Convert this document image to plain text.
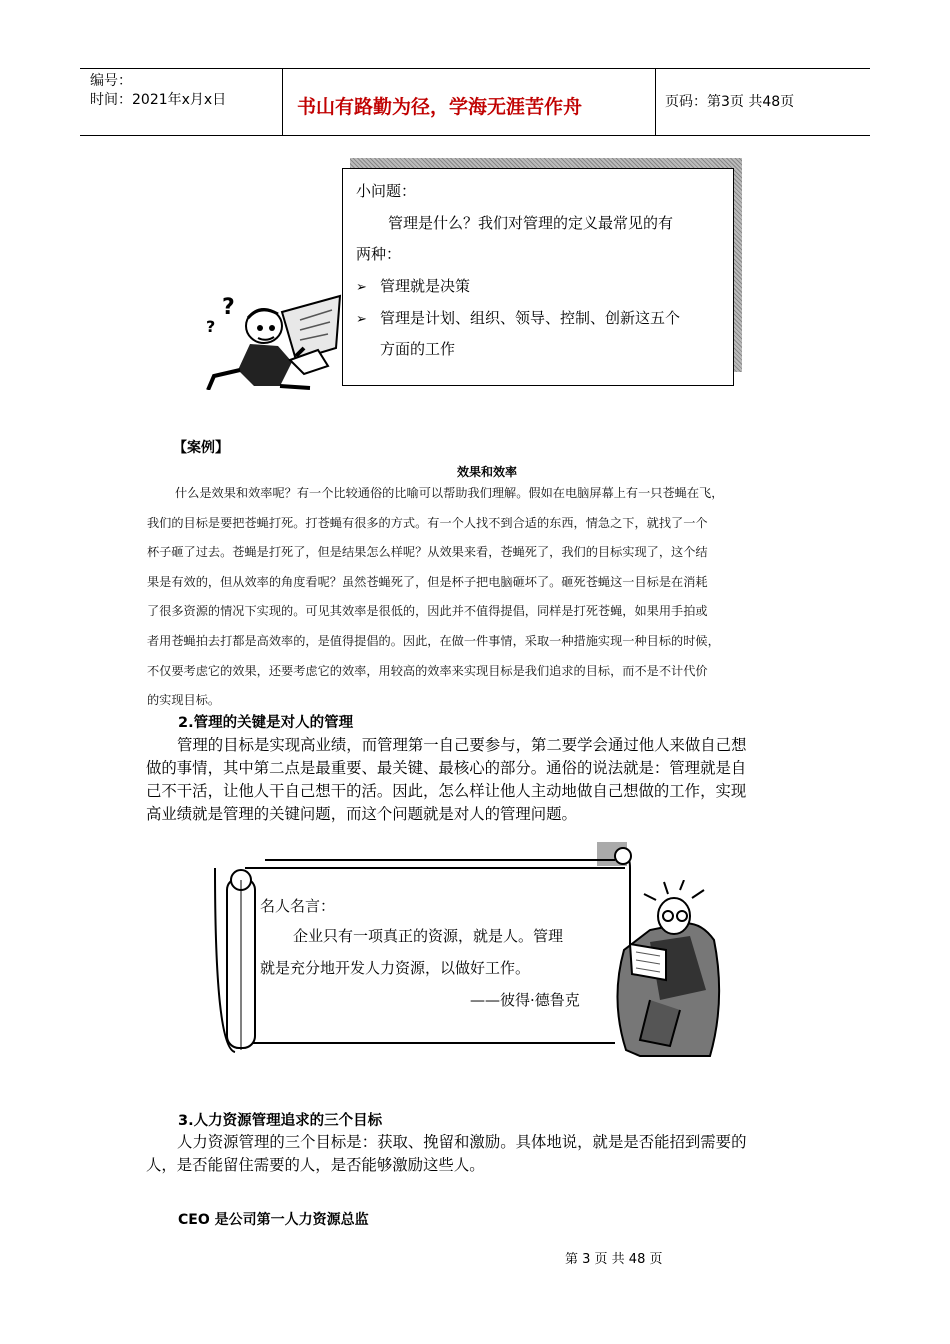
编号：
时间：2021年x月x日	书山有路勤为径，学海无涯苦作舟	页码：第3页 共48页
小问题：
管理是什么？我们对管理的定义最常见的有
两种：
➢ 管理就是决策
➢ 管理是计划、组织、领导、控制、创新这五个
方面的工作
?
?
【案例】
效果和效率
什么是效果和效率呢？有一个比较通俗的比喻可以帮助我们理解。假如在电脑屏幕上有一只苍蝇在飞，
我们的目标是要把苍蝇打死。打苍蝇有很多的方式。有一个人找不到合适的东西，情急之下，就找了一个
杯子砸了过去。苍蝇是打死了，但是结果怎么样呢？从效果来看，苍蝇死了，我们的目标实现了，这个结
果是有效的，但从效率的角度看呢？虽然苍蝇死了，但是杯子把电脑砸坏了。砸死苍蝇这一目标是在消耗
了很多资源的情况下实现的。可见其效率是很低的，因此并不值得提倡，同样是打死苍蝇，如果用手拍或
者用苍蝇拍去打都是高效率的，是值得提倡的。因此，在做一件事情，采取一种措施实现一种目标的时候，
不仅要考虑它的效果，还要考虑它的效率，用较高的效率来实现目标是我们追求的目标，而不是不计代价
的实现目标。
2.管理的关键是对人的管理
管理的目标是实现高业绩，而管理第一自己要参与，第二要学会通过他人来做自己想
做的事情，其中第二点是最重要、最关键、最核心的部分。通俗的说法就是：管理就是自
己不干活，让他人干自己想干的活。因此，怎么样让他人主动地做自己想做的工作，实现
高业绩就是管理的关键问题，而这个问题就是对人的管理问题。
名人名言：
企业只有一项真正的资源，就是人。管理
就是充分地开发人力资源，以做好工作。
——彼得·德鲁克
3.人力资源管理追求的三个目标
人力资源管理的三个目标是：获取、挽留和激励。具体地说，就是是否能招到需要的
人，是否能留住需要的人，是否能够激励这些人。
CEO 是公司第一人力资源总监
第 3 页 共 48 页
